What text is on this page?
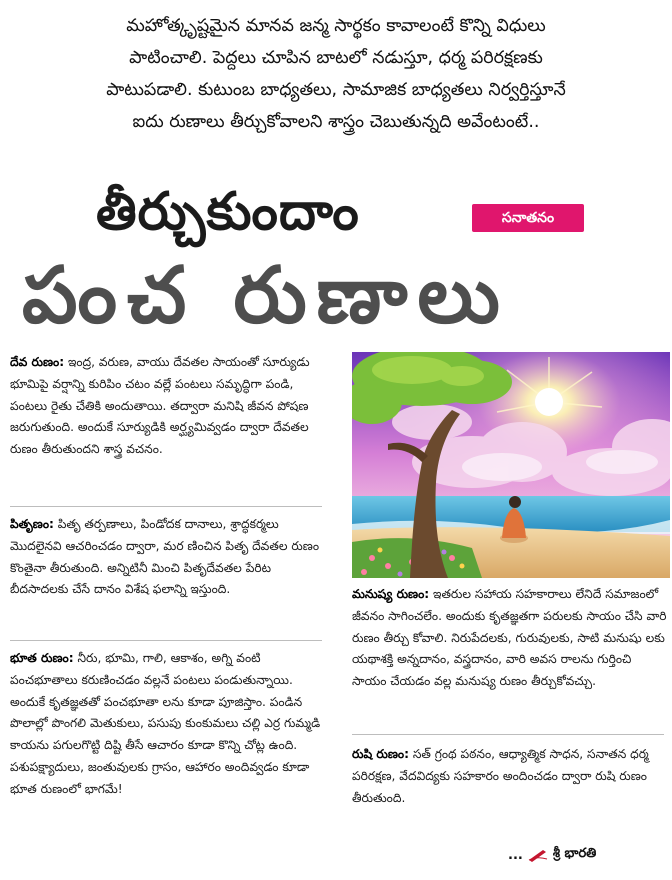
మహోత్కృష్టమైన మానవ జన్మ సార్థకం కావాలంటే కొన్ని విధులు
పాటించాలి. పెద్దలు చూపిన బాటలో నడుస్తూ, ధర్మ పరిరక్షణకు
పాటుపడాలి. కుటుంబ బాధ్యతలు, సామాజిక బాధ్యతలు నిర్వర్తిస్తూనే
ఐదు రుణాలు తీర్చుకోవాలని శాస్త్రం చెబుతున్నది అవేంటంటే..
తీర్చుకుందాం	సనాతనం
పంచ రుణాలు
దేవ రుణం: ఇంద్ర, వరుణ, వాయు దేవతల సాయంతో సూర్యుడు భూమిపై వర్షాన్ని కురిపిం చటం వల్లే పంటలు సమృద్ధిగా పండి, పంటలు రైతు చేతికి అందుతాయి. తద్వారా మనిషి జీవన పోషణ జరుగుతుంది. అందుకే సూర్యుడికి అర్ఘ్యమివ్వడం ద్వారా దేవతల రుణం తీరుతుందని శాస్త్ర వచనం.
పితృణం: పితృ తర్పణాలు, పిండోదక దానాలు, శ్రాద్ధకర్మలు మొదలైనవి ఆచరించడం ద్వారా, మర ణించిన పితృ దేవతల రుణం కొంతైనా తీరుతుంది. అన్నిటినీ మించి పితృదేవతల పేరిట బీదసాదలకు చేసే దానం విశేష ఫలాన్ని ఇస్తుంది.
భూత రుణం: నీరు, భూమి, గాలి, ఆకాశం, అగ్ని వంటి పంచభూతాలు కరుణించడం వల్లనే పంటలు పండుతున్నాయి. అందుకే కృతజ్ఞతతో పంచభూతా లను కూడా పూజిస్తాం. పండిన పొలాల్లో పొంగలి మెతుకులు, పసుపు కుంకుమలు చల్లి ఎర్ర గుమ్మడి కాయను పగులగొట్టి దిష్టి తీసే ఆచారం కూడా కొన్ని చోట్ల ఉంది. పశుపక్ష్యాదులు, జంతువులకు గ్రాసం, ఆహారం అందివ్వడం కూడా భూత రుణంలో భాగమే!
మనుష్య రుణం: ఇతరుల సహాయ సహకారాలు లేనిదే సమాజంలో జీవనం సాగించలేం. అందుకు కృతజ్ఞతగా పరులకు సాయం చేసి వారి రుణం తీర్చు కోవాలి. నిరుపేదలకు, గురువులకు, సాటి మనుషు లకు యథాశక్తి అన్నదానం, వస్త్రదానం, వారి అవస రాలను గుర్తించి సాయం చేయడం వల్ల మనుష్య రుణం తీర్చుకోవచ్చు.
రుషి రుణం: సత్ గ్రంథ పఠనం, ఆధ్యాత్మిక సాధన, సనాతన ధర్మ పరిరక్షణ, వేదవిద్యకు సహకారం అందించడం ద్వారా రుషి రుణం తీరుతుంది.
... శ్రీ భారతి
